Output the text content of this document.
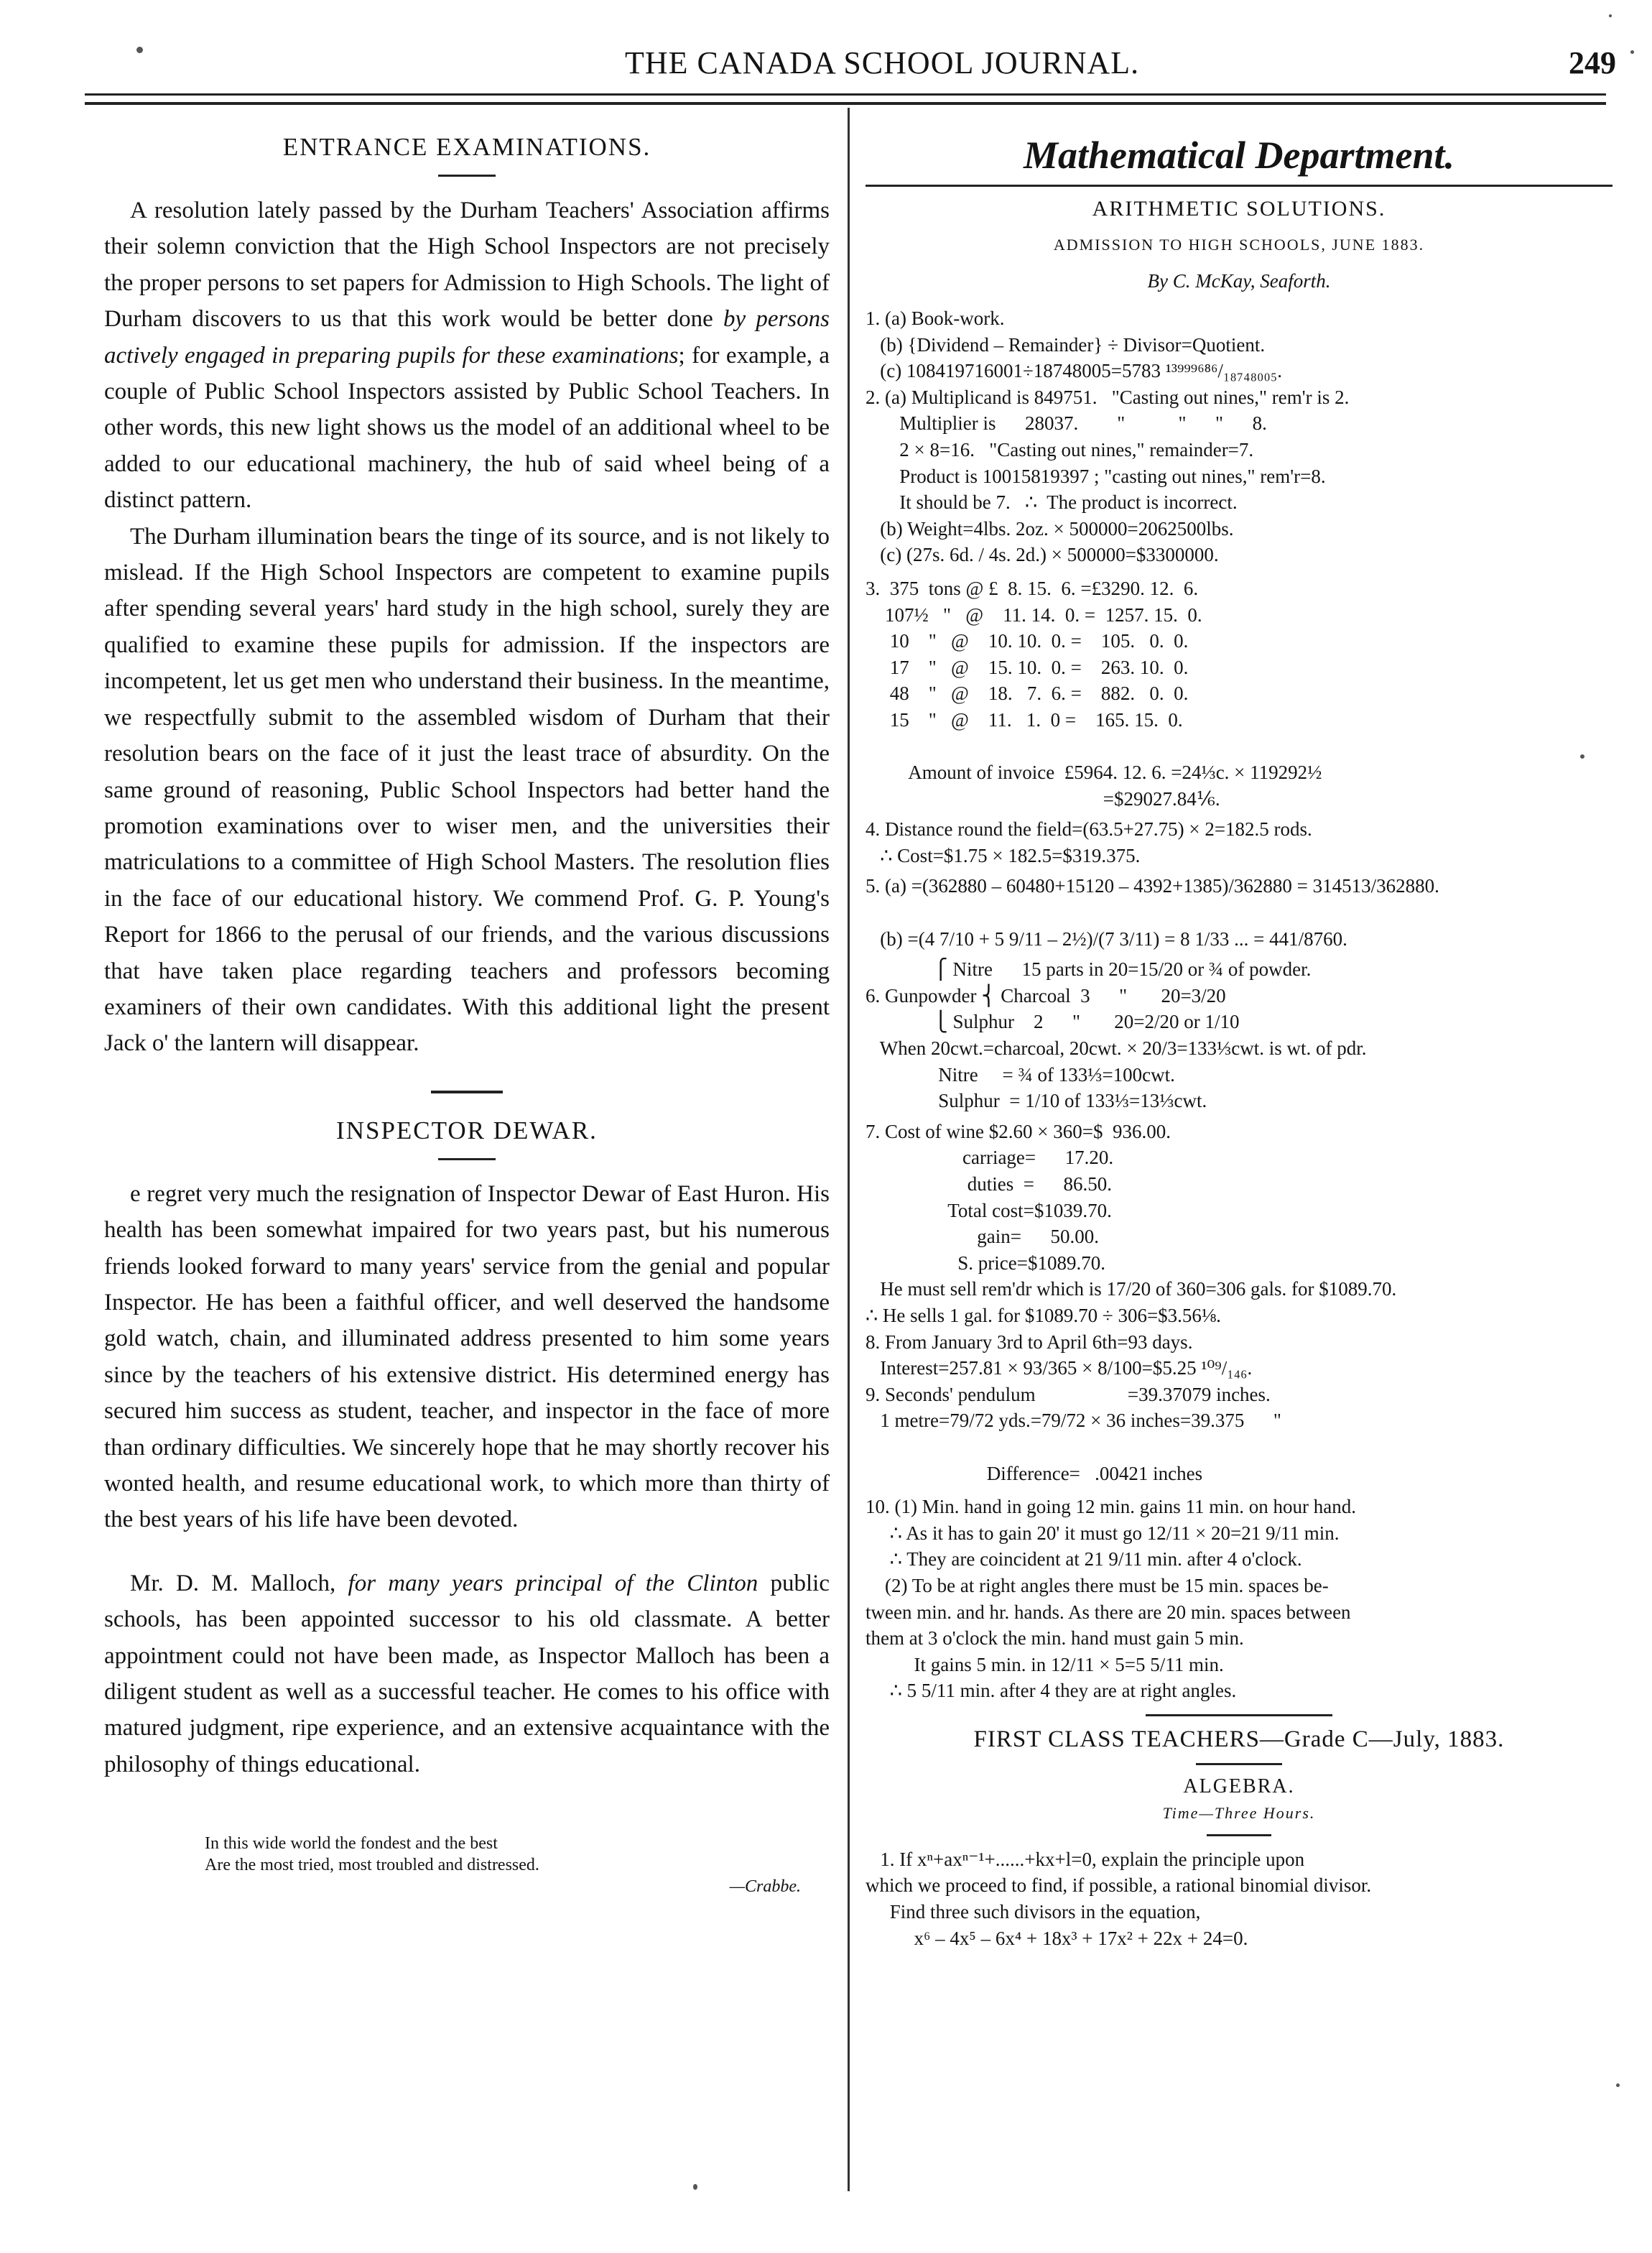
THE CANADA SCHOOL JOURNAL.	249

ENTRANCE EXAMINATIONS.

A resolution lately passed by the Durham Teachers' Association affirms their solemn conviction that the High School Inspectors are not precisely the proper persons to set papers for Admission to High Schools. The light of Durham discovers to us that this work would be better done by persons actively engaged in preparing pupils for these examinations; for example, a couple of Public School Inspectors assisted by Public School Teachers. In other words, this new light shows us the model of an additional wheel to be added to our educational machinery, the hub of said wheel being of a distinct pattern.

The Durham illumination bears the tinge of its source, and is not likely to mislead. If the High School Inspectors are competent to examine pupils after spending several years' hard study in the high school, surely they are qualified to examine these pupils for admission. If the inspectors are incompetent, let us get men who understand their business. In the meantime, we respectfully submit to the assembled wisdom of Durham that their resolution bears on the face of it just the least trace of absurdity. On the same ground of reasoning, Public School Inspectors had better hand the promotion examinations over to wiser men, and the universities their matriculations to a committee of High School Masters. The resolution flies in the face of our educational history. We commend Prof. G. P. Young's Report for 1866 to the perusal of our friends, and the various discussions that have taken place regarding teachers and professors becoming examiners of their own candidates. With this additional light the present Jack o' the lantern will disappear.

INSPECTOR DEWAR.

e regret very much the resignation of Inspector Dewar of East Huron. His health has been somewhat impaired for two years past, but his numerous friends looked forward to many years' service from the genial and popular Inspector. He has been a faithful officer, and well deserved the handsome gold watch, chain, and illuminated address presented to him some years since by the teachers of his extensive district. His determined energy has secured him success as student, teacher, and inspector in the face of more than ordinary difficulties. We sincerely hope that he may shortly recover his wonted health, and resume educational work, to which more than thirty of the best years of his life have been devoted.

Mr. D. M. Malloch, for many years principal of the Clinton public schools, has been appointed successor to his old classmate. A better appointment could not have been made, as Inspector Malloch has been a diligent student as well as a successful teacher. He comes to his office with matured judgment, ripe experience, and an extensive acquaintance with the philosophy of things educational.

In this wide world the fondest and the best
Are the most tried, most troubled and distressed.
—Crabbe.

Mathematical Department.

ARITHMETIC SOLUTIONS.

ADMISSION TO HIGH SCHOOLS, JUNE 1883.

By C. McKay, Seaforth.

1. (a) Book-work.
(b) {Dividend – Remainder} ÷ Divisor=Quotient.
(c) 108419716001÷18748005=5783 ¹³⁹⁹⁹⁶⁸⁶/₁₈₇₄₈₀₀₅.

2. (a) Multiplicand is 849751.   "Casting out nines," rem'r is 2.
Multiplier is      28037.        "           "      "      8.
2 × 8=16.   "Casting out nines," remainder=7.
Product is 10015819397 ; "casting out nines," rem'r=8.
It should be 7.   ∴  The product is incorrect.
(b) Weight=4lbs. 2oz. × 500000=2062500lbs.
(c) (27s. 6d. / 4s. 2d.) × 500000=$3300000.

3.  375  tons @ £  8. 15.  6. =£3290. 12.  6.
107½   "   @    11. 14.  0. =  1257. 15.  0.
10    "   @    10. 10.  0. =    105.   0.  0.
17    "   @    15. 10.  0. =    263. 10.  0.
48    "   @    18.   7.  6. =    882.   0.  0.
15    "   @    11.   1.  0 =    165. 15.  0.

Amount of invoice  £5964. 12. 6. =24⅓c. × 119292½
=$29027.84⅙.

4. Distance round the field=(63.5+27.75) × 2=182.5 rods.
∴ Cost=$1.75 × 182.5=$319.375.

5. (a) =(362880 – 60480+15120 – 4392+1385)/362880 = 314513/362880.

(b) =(4 7/10 + 5 9/11 – 2½)/(7 3/11) = 8 1/33 ... = 441/8760.

⎧ Nitre      15 parts in 20=15/20 or ¾ of powder.
6. Gunpowder ⎨ Charcoal  3      "       20=3/20
⎩ Sulphur    2      "       20=2/20 or 1/10
When 20cwt.=charcoal, 20cwt. × 20/3=133⅓cwt. is wt. of pdr.
Nitre     = ¾ of 133⅓=100cwt.
Sulphur  = 1/10 of 133⅓=13⅓cwt.

7. Cost of wine $2.60 × 360=$  936.00.
carriage=      17.20.
duties  =      86.50.
Total cost=$1039.70.
gain=      50.00.
S. price=$1089.70.
He must sell rem'dr which is 17/20 of 360=306 gals. for $1089.70.
∴ He sells 1 gal. for $1089.70 ÷ 306=$3.56⅛.

8. From January 3rd to April 6th=93 days.
Interest=257.81 × 93/365 × 8/100=$5.25 ¹⁰⁹/₁₄₆.

9. Seconds' pendulum                   =39.37079 inches.
1 metre=79/72 yds.=79/72 × 36 inches=39.375      "

Difference=   .00421 inches

10. (1) Min. hand in going 12 min. gains 11 min. on hour hand.
∴ As it has to gain 20' it must go 12/11 × 20=21 9/11 min.
∴ They are coincident at 21 9/11 min. after 4 o'clock.
(2) To be at right angles there must be 15 min. spaces be-
tween min. and hr. hands. As there are 20 min. spaces between
them at 3 o'clock the min. hand must gain 5 min.
It gains 5 min. in 12/11 × 5=5 5/11 min.
∴ 5 5/11 min. after 4 they are at right angles.

FIRST CLASS TEACHERS—Grade C—July, 1883.

ALGEBRA.

Time—Three Hours.

1. If xⁿ+axⁿ⁻¹+......+kx+l=0, explain the principle upon
which we proceed to find, if possible, a rational binomial divisor.
Find three such divisors in the equation,
x⁶ – 4x⁵ – 6x⁴ + 18x³ + 17x² + 22x + 24=0.
